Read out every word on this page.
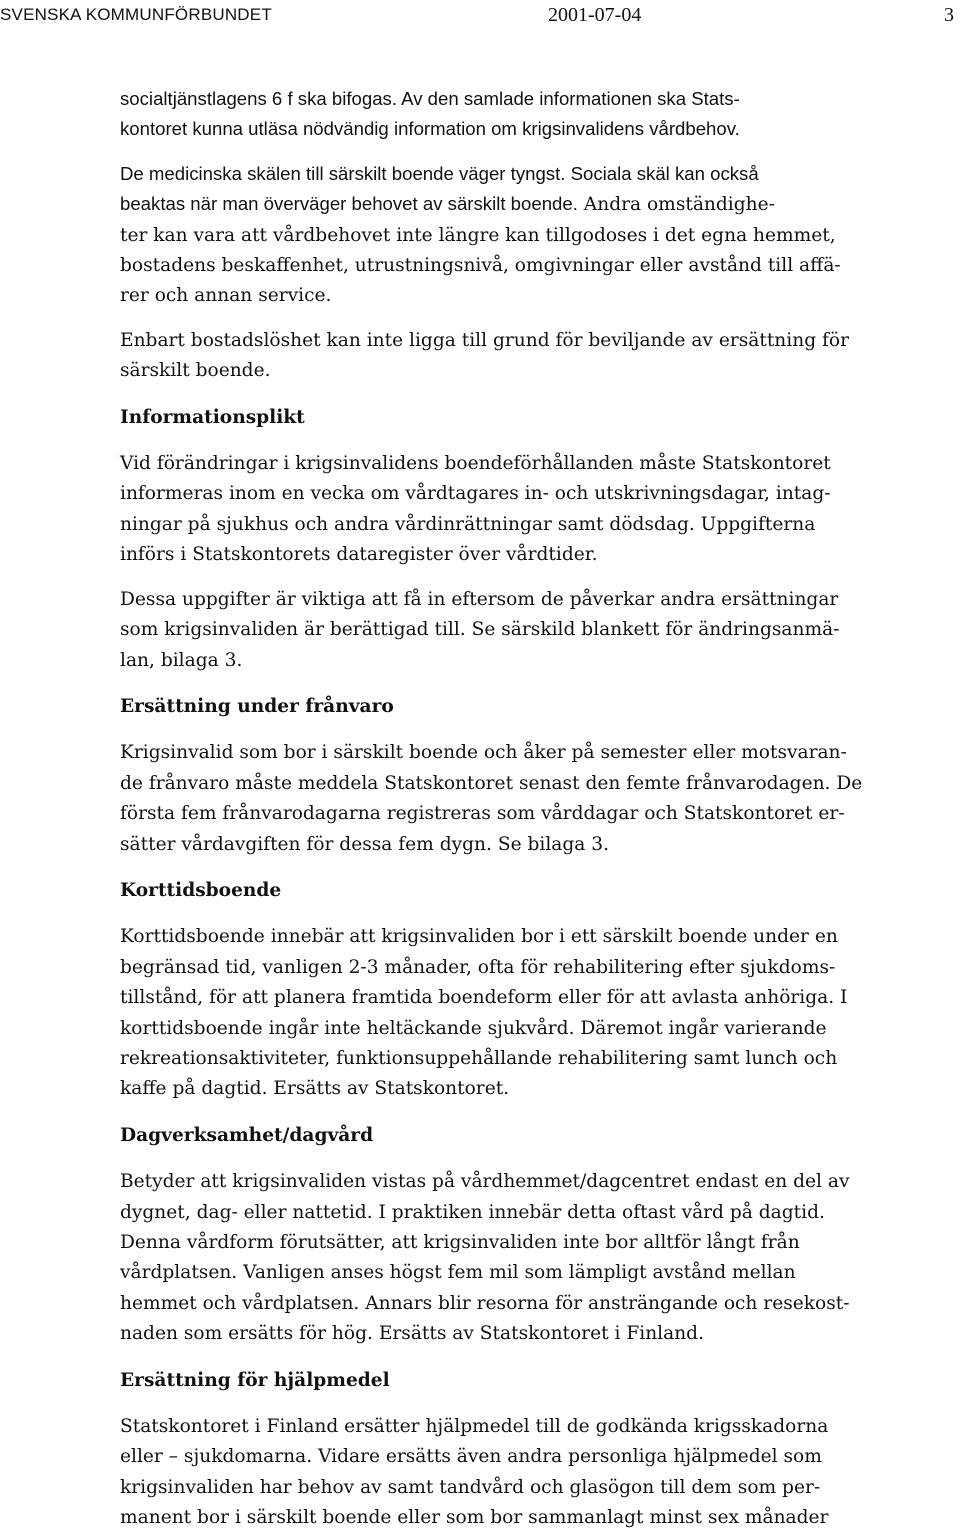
SVENSKA KOMMUNFÖRBUNDET	2001-07-04	3
socialtjänstlagens 6 f ska bifogas. Av den samlade informationen ska Stats-
kontoret kunna utläsa nödvändig information om krigsinvalidens vårdbehov.
De medicinska skälen till särskilt boende väger tyngst. Sociala skäl kan också
beaktas när man överväger behovet av särskilt boende. Andra omständighe-
ter kan vara att vårdbehovet inte längre kan tillgodoses i det egna hemmet,
bostadens beskaffenhet, utrustningsnivå, omgivningar eller avstånd till affä-
rer och annan service.
Enbart bostadslöshet kan inte ligga till grund för beviljande av ersättning för
särskilt boende.
Informationsplikt
Vid förändringar i krigsinvalidens boendeförhållanden måste Statskontoret
informeras inom en vecka om vårdtagares in- och utskrivningsdagar, intag-
ningar på sjukhus och andra vårdinrättningar samt dödsdag. Uppgifterna
införs i Statskontorets dataregister över vårdtider.
Dessa uppgifter är viktiga att få in eftersom de påverkar andra ersättningar
som krigsinvaliden är berättigad till. Se särskild blankett för ändringsanmä-
lan, bilaga 3.
Ersättning under frånvaro
Krigsinvalid som bor i särskilt boende och åker på semester eller motsvaran-
de frånvaro måste meddela Statskontoret senast den femte frånvarodagen. De
första fem frånvarodagarna registreras som vårddagar och Statskontoret er-
sätter vårdavgiften för dessa fem dygn. Se bilaga 3.
Korttidsboende
Korttidsboende innebär att krigsinvaliden bor i ett särskilt boende under en
begränsad tid, vanligen 2-3 månader, ofta för rehabilitering efter sjukdoms-
tillstånd, för att planera framtida boendeform eller för att avlasta anhöriga. I
korttidsboende ingår inte heltäckande sjukvård. Däremot ingår varierande
rekreationsaktiviteter, funktionsuppehållande rehabilitering samt lunch och
kaffe på dagtid. Ersätts av Statskontoret.
Dagverksamhet/dagvård
Betyder att krigsinvaliden vistas på vårdhemmet/dagcentret endast en del av
dygnet, dag- eller nattetid. I praktiken innebär detta oftast vård på dagtid.
Denna vårdform förutsätter, att krigsinvaliden inte bor alltför långt från
vårdplatsen. Vanligen anses högst fem mil som lämpligt avstånd mellan
hemmet och vårdplatsen. Annars blir resorna för ansträngande och resekost-
naden som ersätts för hög. Ersätts av Statskontoret i Finland.
Ersättning för hjälpmedel
Statskontoret i Finland ersätter hjälpmedel till de godkända krigsskadorna
eller – sjukdomarna. Vidare ersätts även andra personliga hjälpmedel som
krigsinvaliden har behov av samt tandvård och glasögon till dem som per-
manent bor i särskilt boende eller som bor sammanlagt minst sex månader
